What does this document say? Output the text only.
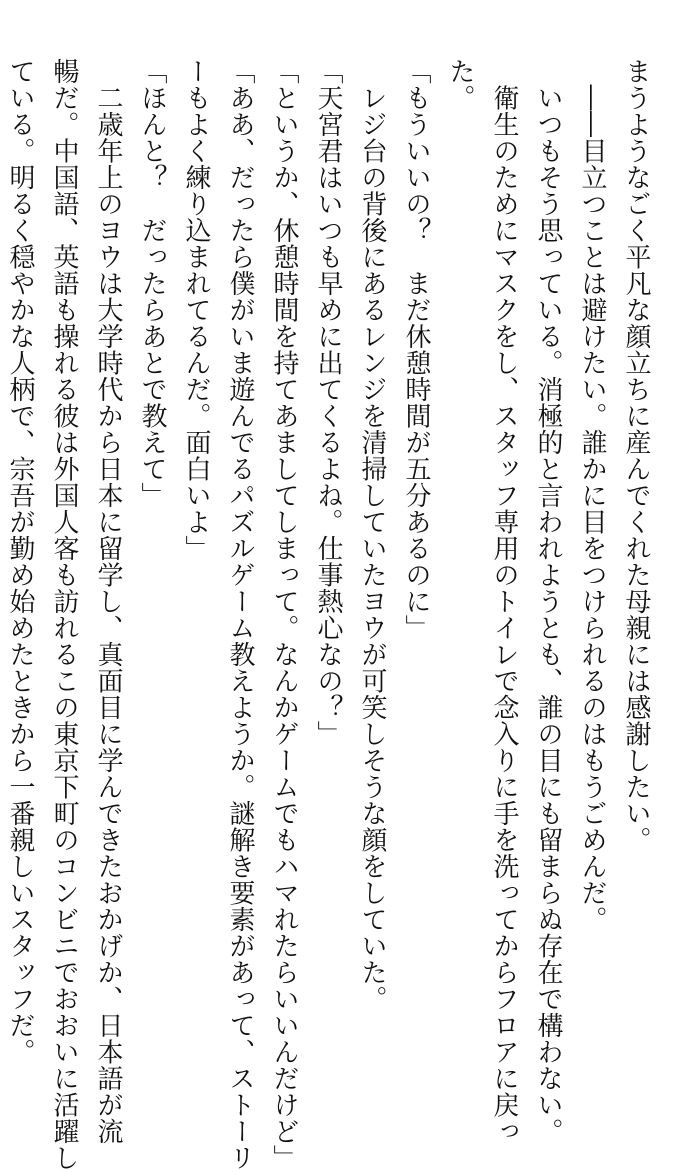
まうようなごく平凡な顔立ちに産んでくれた母親には感謝したい。
　――目立つことは避けたい。誰かに目をつけられるのはもうごめんだ。
　いつもそう思っている。消極的と言われようとも、誰の目にも留まらぬ存在で構わない。
　衛生のためにマスクをし、スタッフ専用のトイレで念入りに手を洗ってからフロアに戻っ
た。
「もういいの？　まだ休憩時間が五分あるのに」
　レジ台の背後にあるレンジを清掃していたヨウが可笑しそうな顔をしていた。
「天宮君はいつも早めに出てくるよね。仕事熱心なの？」
「というか、休憩時間を持てあましてしまって。なんかゲームでもハマれたらいいんだけど」
「ああ、だったら僕がいま遊んでるパズルゲーム教えようか。謎解き要素があって、ストーリ
ーもよく練り込まれてるんだ。面白いよ」
「ほんと？　だったらあとで教えて」
　二歳年上のヨウは大学時代から日本に留学し、真面目に学んできたおかげか、日本語が流
暢だ。中国語、英語も操れる彼は外国人客も訪れるこの東京下町のコンビニでおおいに活躍し
ている。明るく穏やかな人柄で、宗吾が勤め始めたときから一番親しいスタッフだ。
